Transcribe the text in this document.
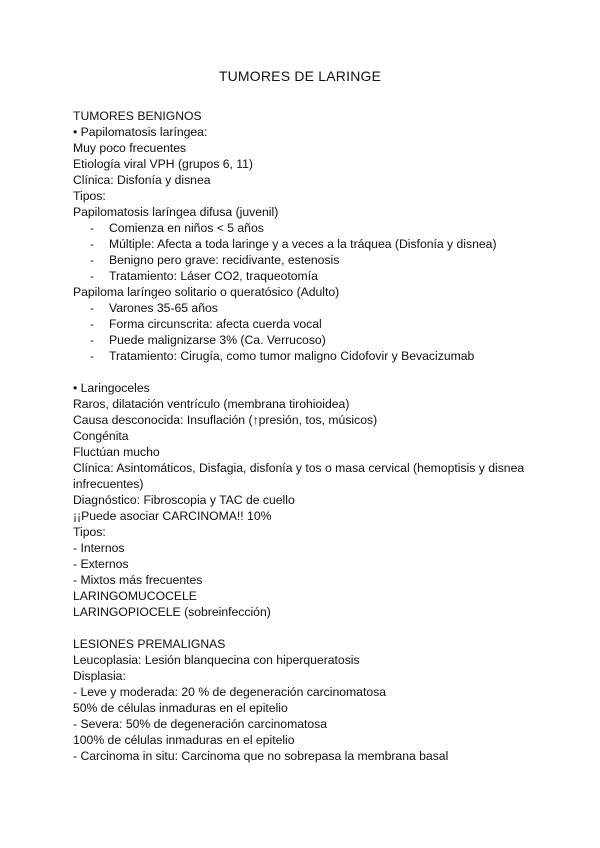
TUMORES DE LARINGE
TUMORES BENIGNOS
• Papilomatosis laríngea:
Muy poco frecuentes
Etiología viral VPH (grupos 6, 11)
Clínica: Disfonía y disnea
Tipos:
Papilomatosis laríngea difusa (juvenil)
- Comienza en niños < 5 años
- Múltiple: Afecta a toda laringe y a veces a la tráquea (Disfonía y disnea)
- Benigno pero grave: recidivante, estenosis
- Tratamiento: Láser CO2, traqueotomía
Papiloma laríngeo solitario o queratósico (Adulto)
- Varones 35-65 años
- Forma circunscrita: afecta cuerda vocal
- Puede malignizarse 3% (Ca. Verrucoso)
- Tratamiento: Cirugía, como tumor maligno Cidofovir y Bevacizumab
• Laringoceles
Raros, dilatación ventrículo (membrana tirohioidea)
Causa desconocida: Insuflación (↑presión, tos, músicos)
Congénita
Fluctúan mucho
Clínica: Asintomáticos, Disfagia, disfonía y tos o masa cervical (hemoptisis y disnea
infrecuentes)
Diagnóstico: Fibroscopia y TAC de cuello
¡¡Puede asociar CARCINOMA!! 10%
Tipos:
- Internos
- Externos
- Mixtos más frecuentes
LARINGOMUCOCELE
LARINGOPIOCELE (sobreinfección)
LESIONES PREMALIGNAS
Leucoplasia: Lesión blanquecina con hiperqueratosis
Displasia:
- Leve y moderada: 20 % de degeneración carcinomatosa
50% de células inmaduras en el epitelio
- Severa: 50% de degeneración carcinomatosa
100% de células inmaduras en el epitelio
- Carcinoma in situ: Carcinoma que no sobrepasa la membrana basal
